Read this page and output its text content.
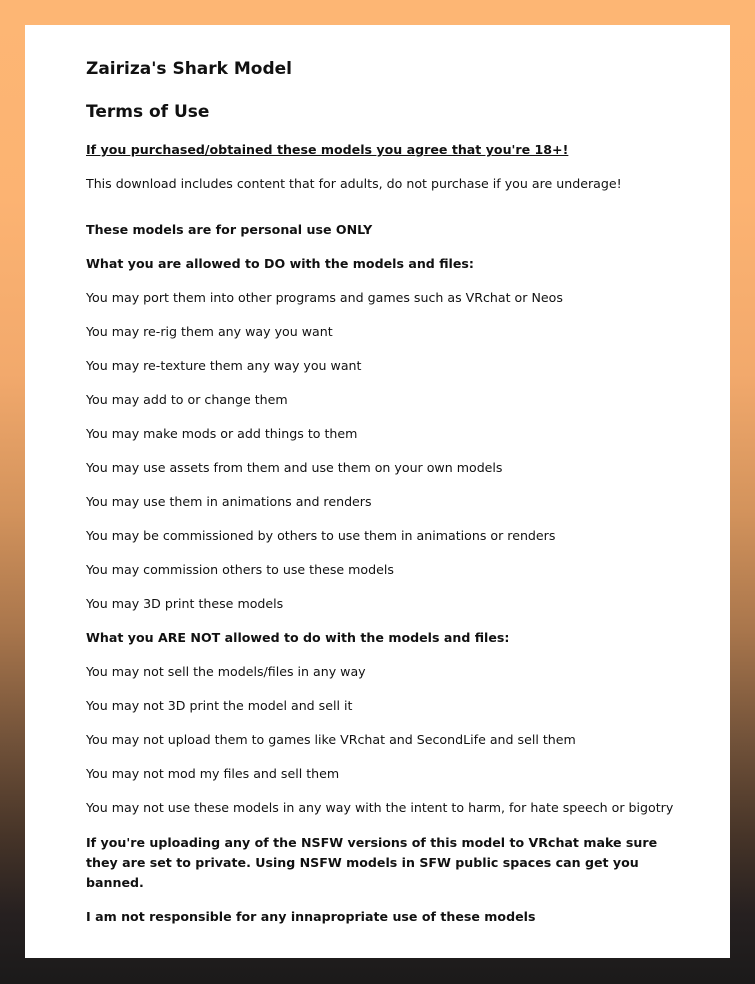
Zairiza's Shark Model

Terms of Use

If you purchased/obtained these models you agree that you're 18+!

This download includes content that for adults, do not purchase if you are underage!

These models are for personal use ONLY

What you are allowed to DO with the models and files:

You may port them into other programs and games such as VRchat or Neos

You may re-rig them any way you want

You may re-texture them any way you want

You may add to or change them

You may make mods or add things to them

You may use assets from them and use them on your own models

You may use them in animations and renders

You may be commissioned by others to use them in animations or renders

You may commission others to use these models

You may 3D print these models

What you ARE NOT allowed to do with the models and files:

You may not sell the models/files in any way

You may not 3D print the model and sell it

You may not upload them to games like VRchat and SecondLife and sell them

You may not mod my files and sell them

You may not use these models in any way with the intent to harm, for hate speech or bigotry

If you're uploading any of the NSFW versions of this model to VRchat make sure they are set to private. Using NSFW models in SFW public spaces can get you banned.

I am not responsible for any innapropriate use of these models
